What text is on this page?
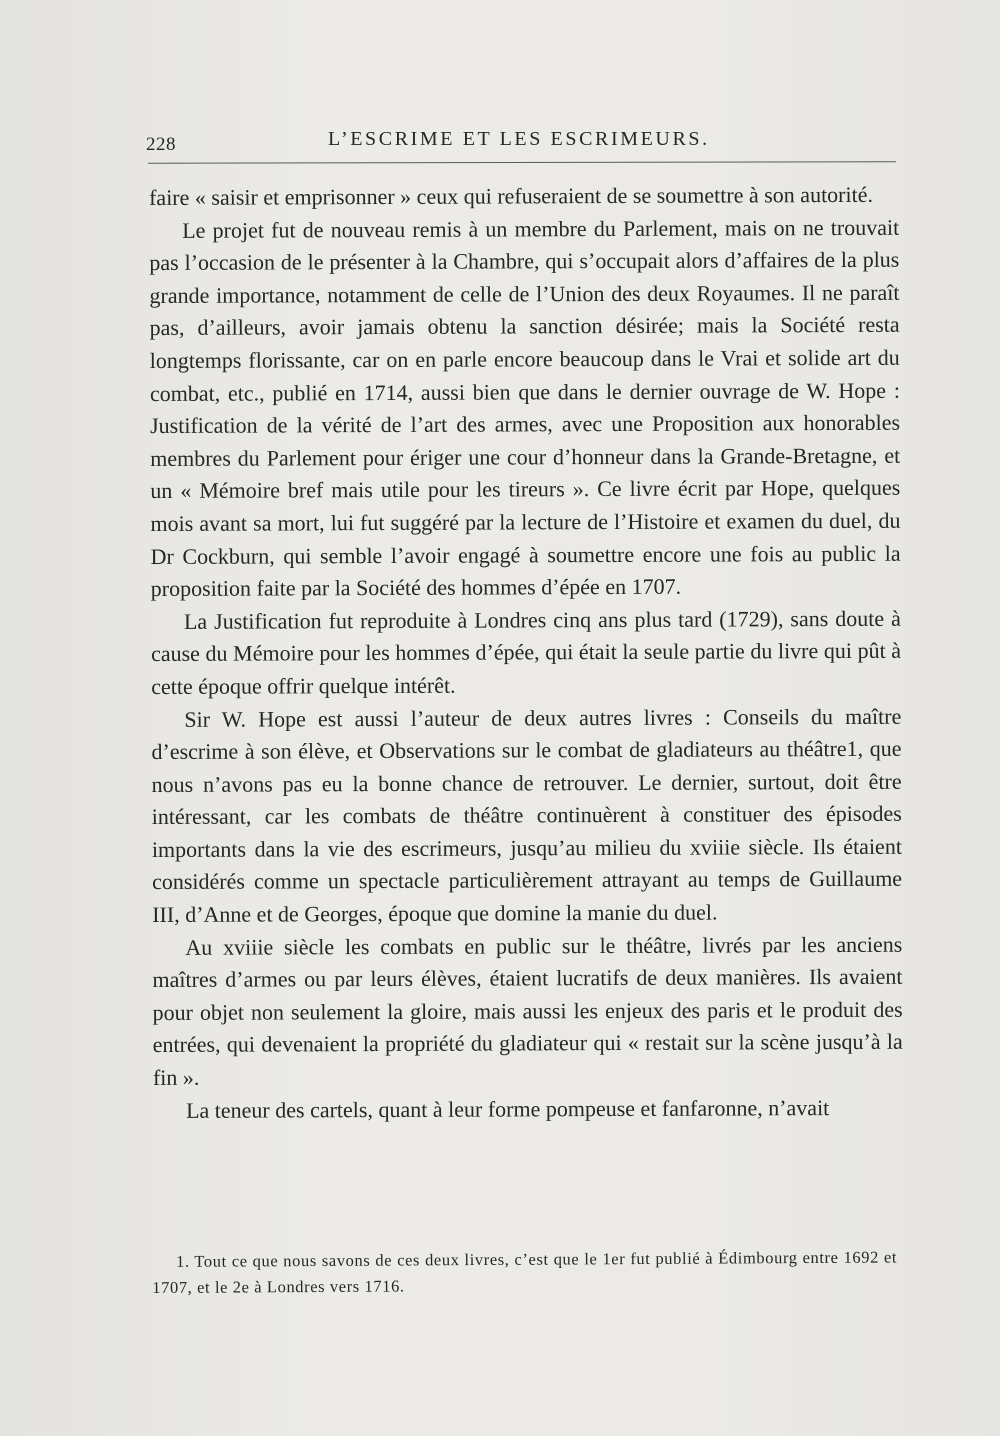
228	L’ESCRIME ET LES ESCRIMEURS.

faire « saisir et emprisonner » ceux qui refuseraient de se soumettre à son autorité.

Le projet fut de nouveau remis à un membre du Parlement, mais on ne trouvait pas l’occasion de le présenter à la Chambre, qui s’occupait alors d’affaires de la plus grande importance, notamment de celle de l’Union des deux Royaumes. Il ne paraît pas, d’ailleurs, avoir jamais obtenu la sanction désirée; mais la Société resta longtemps florissante, car on en parle encore beaucoup dans le Vrai et solide art du combat, etc., publié en 1714, aussi bien que dans le dernier ouvrage de W. Hope : Justification de la vérité de l’art des armes, avec une Proposition aux honorables membres du Parlement pour ériger une cour d’honneur dans la Grande-Bretagne, et un « Mémoire bref mais utile pour les tireurs ». Ce livre écrit par Hope, quelques mois avant sa mort, lui fut suggéré par la lecture de l’Histoire et examen du duel, du Dr Cockburn, qui semble l’avoir engagé à soumettre encore une fois au public la proposition faite par la Société des hommes d’épée en 1707.

La Justification fut reproduite à Londres cinq ans plus tard (1729), sans doute à cause du Mémoire pour les hommes d’épée, qui était la seule partie du livre qui pût à cette époque offrir quelque intérêt.

Sir W. Hope est aussi l’auteur de deux autres livres : Conseils du maître d’escrime à son élève, et Observations sur le combat de gladiateurs au théâtre1, que nous n’avons pas eu la bonne chance de retrouver. Le dernier, surtout, doit être intéressant, car les combats de théâtre continuèrent à constituer des épisodes importants dans la vie des escrimeurs, jusqu’au milieu du xviiie siècle. Ils étaient considérés comme un spectacle particulièrement attrayant au temps de Guillaume III, d’Anne et de Georges, époque que domine la manie du duel.

Au xviiie siècle les combats en public sur le théâtre, livrés par les anciens maîtres d’armes ou par leurs élèves, étaient lucratifs de deux manières. Ils avaient pour objet non seulement la gloire, mais aussi les enjeux des paris et le produit des entrées, qui devenaient la propriété du gladiateur qui « restait sur la scène jusqu’à la fin ».

La teneur des cartels, quant à leur forme pompeuse et fanfaronne, n’avait

1. Tout ce que nous savons de ces deux livres, c’est que le 1er fut publié à Édimbourg entre 1692 et 1707, et le 2e à Londres vers 1716.
